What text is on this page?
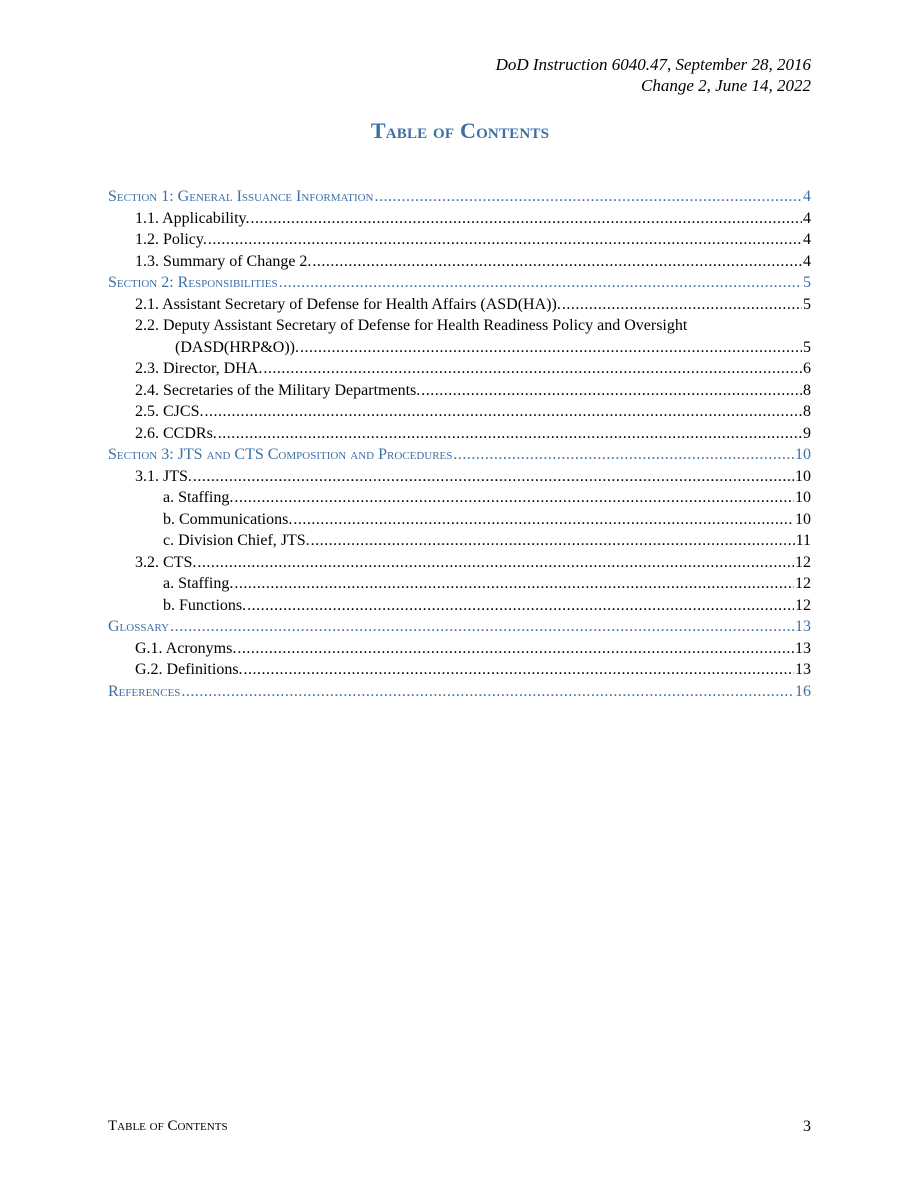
DoD Instruction 6040.47, September 28, 2016
Change 2, June 14, 2022
Table of Contents
Section 1: General Issuance Information .....	4
1.1. Applicability. .....	4
1.2. Policy. .....	4
1.3. Summary of Change 2. .....	4
Section 2: Responsibilities .....	5
2.1. Assistant Secretary of Defense for Health Affairs (ASD(HA)). .....	5
2.2. Deputy Assistant Secretary of Defense for Health Readiness Policy and Oversight
(DASD(HRP&O)). .....	5
2.3. Director, DHA. .....	6
2.4. Secretaries of the Military Departments. .....	8
2.5. CJCS. .....	8
2.6. CCDRs. .....	9
Section 3: JTS and CTS Composition and Procedures .....	10
3.1. JTS. .....	10
a. Staffing. .....	10
b. Communications. .....	10
c. Division Chief, JTS. .....	11
3.2. CTS. .....	12
a. Staffing. .....	12
b. Functions. .....	12
Glossary .....	13
G.1. Acronyms. .....	13
G.2. Definitions. .....	13
References .....	16
Table of Contents	3
